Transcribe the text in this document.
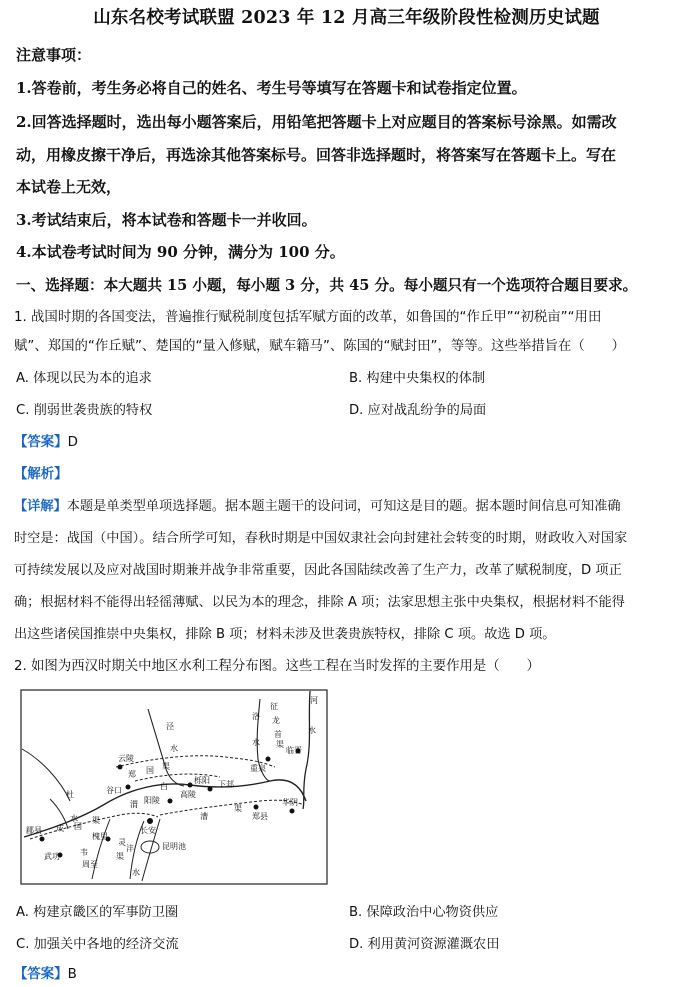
山东名校考试联盟 2023 年 12 月高三年级阶段性检测历史试题
注意事项：
1.答卷前，考生务必将自己的姓名、考生号等填写在答题卡和试卷指定位置。
2.回答选择题时，选出每小题答案后，用铅笔把答题卡上对应题目的答案标号涂黑。如需改
动，用橡皮擦干净后，再选涂其他答案标号。回答非选择题时，将答案写在答题卡上。写在
本试卷上无效，
3.考试结束后，将本试卷和答题卡一并收回。
4.本试卷考试时间为 90 分钟，满分为 100 分。
一、选择题：本大题共 15 小题，每小题 3 分，共 45 分。每小题只有一个选项符合题目要求。
1. 战国时期的各国变法，普遍推行赋税制度包括军赋方面的改革，如鲁国的“作丘甲”“初税亩”“用田
赋”、郑国的“作丘赋”、楚国的“量入修赋，赋车籍马”、陈国的“赋封田”，等等。这些举措旨在（　　）
A. 体现以民为本的追求	B. 构建中央集权的体制
C. 削弱世袭贵族的特权	D. 应对战乱纷争的局面
【答案】D
【解析】
【详解】本题是单类型单项选择题。据本题主题干的设问词，可知这是目的题。据本题时间信息可知准确
时空是：战国（中国）。结合所学可知，春秋时期是中国奴隶社会向封建社会转变的时期，财政收入对国家
可持续发展以及应对战国时期兼并战争非常重要，因此各国陆续改善了生产力，改革了赋税制度，D 项正
确；根据材料不能得出轻徭薄赋、以民为本的理念，排除 A 项；法家思想主张中央集权，根据材料不能得
出这些诸侯国推崇中央集权，排除 B 项；材料未涉及世袭贵族特权，排除 C 项。故选 D 项。
2. 如图为西汉时期关中地区水利工程分布图。这些工程在当时发挥的主要作用是（　　）
河
水
征
洛 龙
首
渠
水
重泉
临晋
云陵
泾
水
郑 国 渠
白
谷口
栎阳 下邽
高陵
杜
阳陵
水
渭
漕
渠
郑县
华阴
郿县 成 国
渠
槐里
长安
武功	韦
周至
渠
昆明池
水
灵
沣
A. 构建京畿区的军事防卫圈	B. 保障政治中心物资供应
C. 加强关中各地的经济交流	D. 利用黄河资源灌溉农田
【答案】B
